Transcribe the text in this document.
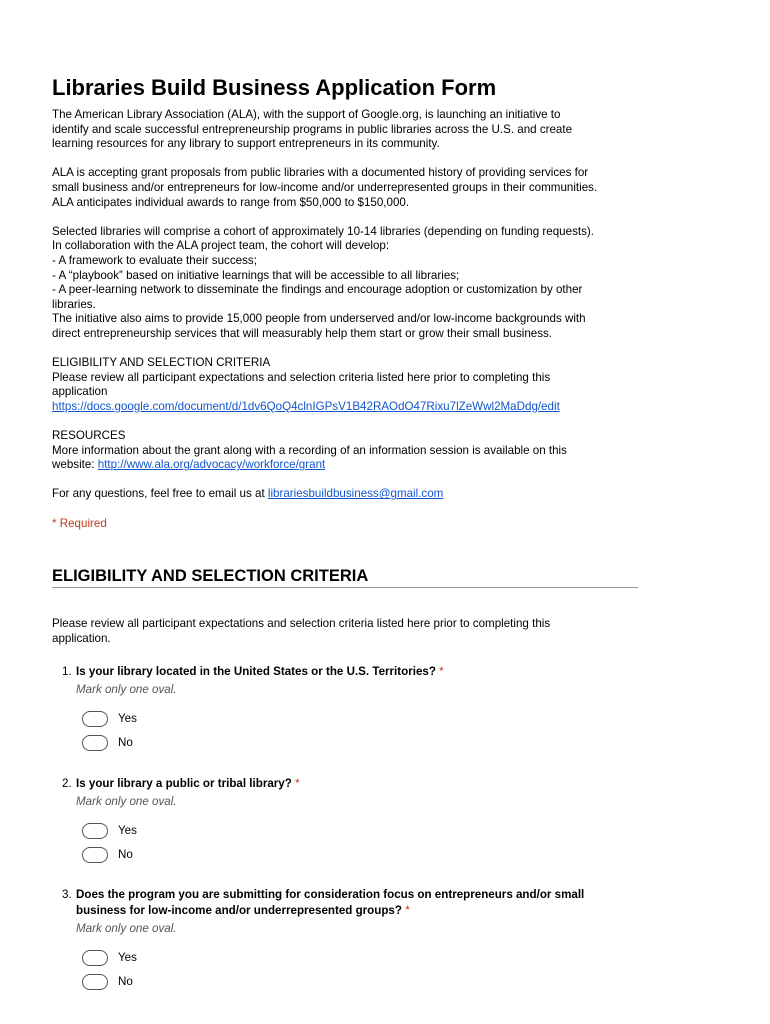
Libraries Build Business Application Form

The American Library Association (ALA), with the support of Google.org, is launching an initiative to
identify and scale successful entrepreneurship programs in public libraries across the U.S. and create
learning resources for any library to support entrepreneurs in its community.

ALA is accepting grant proposals from public libraries with a documented history of providing services for
small business and/or entrepreneurs for low-income and/or underrepresented groups in their communities.
ALA anticipates individual awards to range from $50,000 to $150,000.

Selected libraries will comprise a cohort of approximately 10-14 libraries (depending on funding requests).
In collaboration with the ALA project team, the cohort will develop:
- A framework to evaluate their success;
- A “playbook” based on initiative learnings that will be accessible to all libraries;
- A peer-learning network to disseminate the findings and encourage adoption or customization by other
libraries.
The initiative also aims to provide 15,000 people from underserved and/or low-income backgrounds with
direct entrepreneurship services that will measurably help them start or grow their small business.

ELIGIBILITY AND SELECTION CRITERIA
Please review all participant expectations and selection criteria listed here prior to completing this
application
https://docs.google.com/document/d/1dv6QoQ4clnIGPsV1B42RAOdO47Rixu7lZeWwl2MaDdg/edit

RESOURCES
More information about the grant along with a recording of an information session is available on this
website: http://www.ala.org/advocacy/workforce/grant

For any questions, feel free to email us at librariesbuildbusiness@gmail.com

* Required

ELIGIBILITY AND SELECTION CRITERIA
Please review all participant expectations and selection criteria listed here prior to completing this
application.
1. Is your library located in the United States or the U.S. Territories? *
Mark only one oval.
Yes
No
2. Is your library a public or tribal library? *
Mark only one oval.
Yes
No
3. Does the program you are submitting for consideration focus on entrepreneurs and/or small
business for low-income and/or underrepresented groups? *
Mark only one oval.
Yes
No
